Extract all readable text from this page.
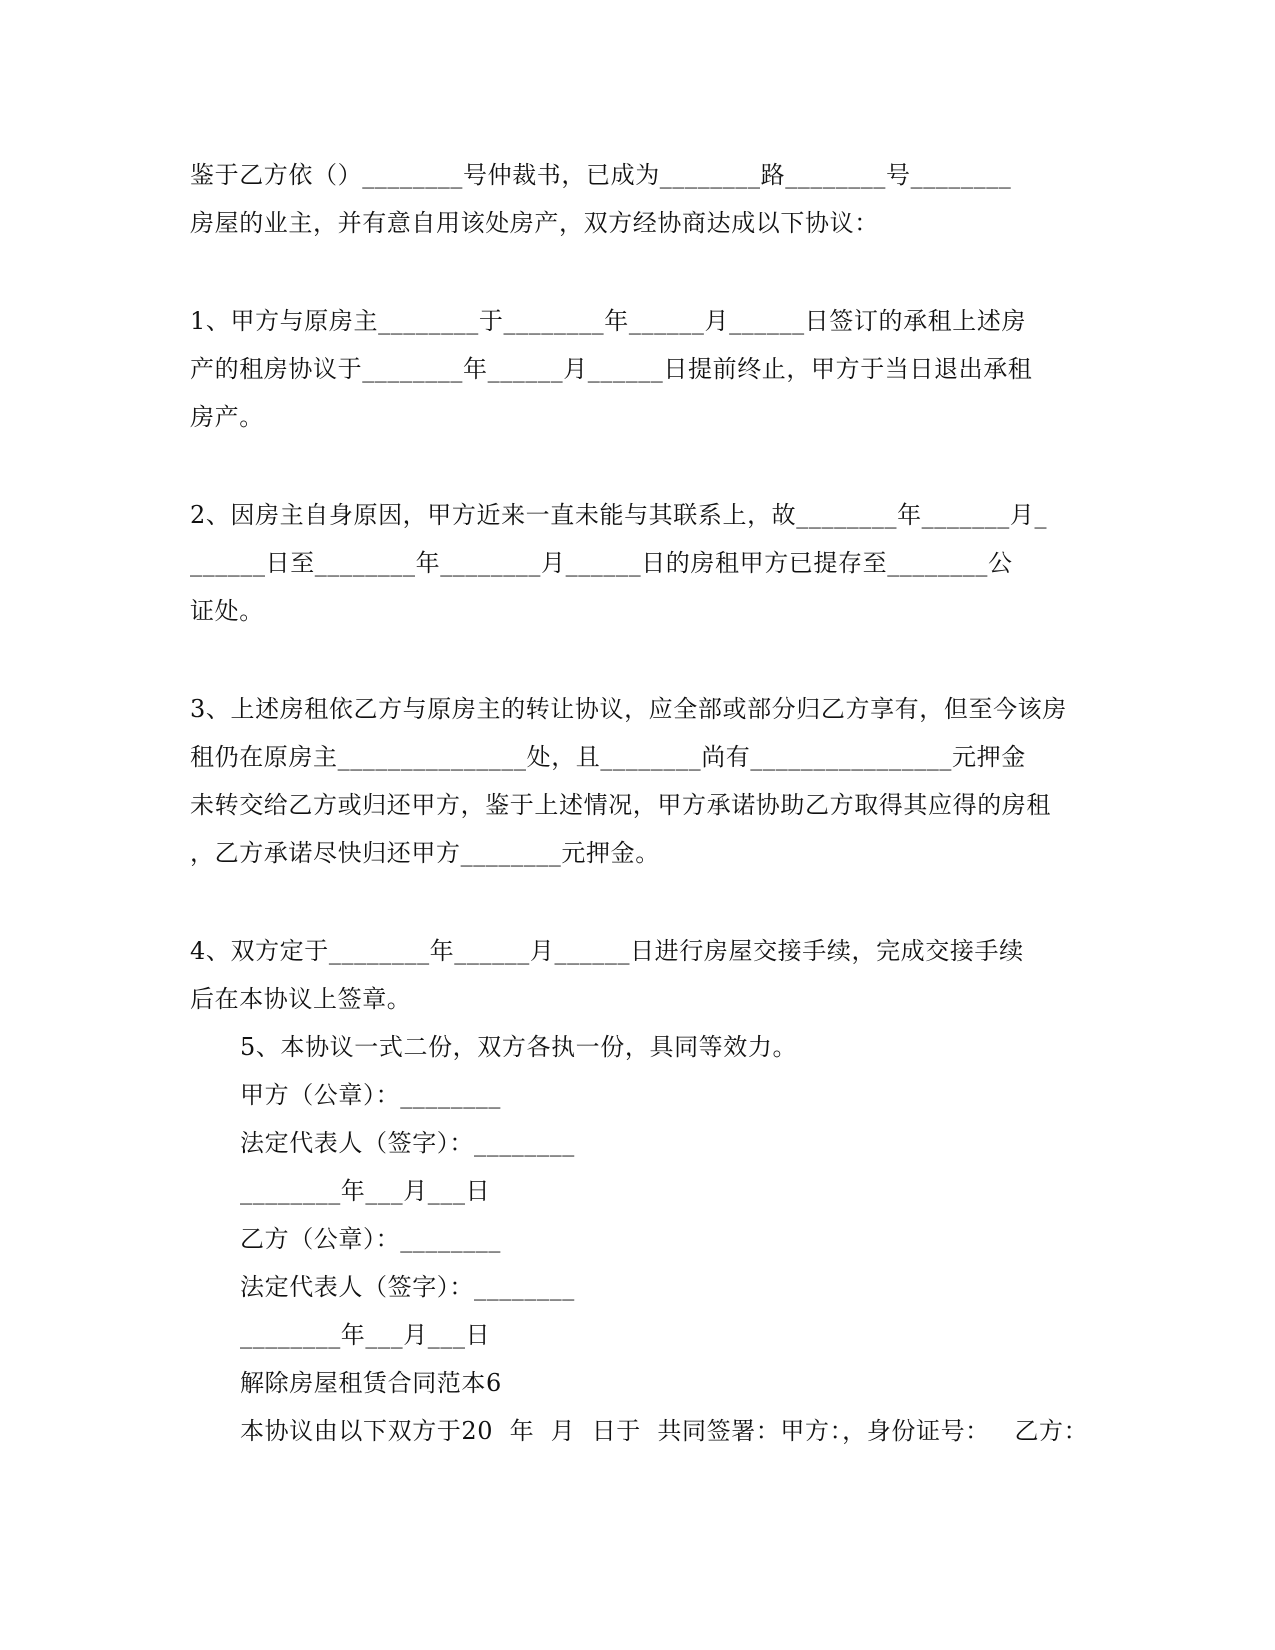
鉴于乙方依（）________号仲裁书，已成为________路________号________
房屋的业主，并有意自用该处房产，双方经协商达成以下协议：
1、甲方与原房主________于________年______月______日签订的承租上述房
产的租房协议于________年______月______日提前终止，甲方于当日退出承租
房产。
2、因房主自身原因，甲方近来一直未能与其联系上，故________年_______月_
______日至________年________月______日的房租甲方已提存至________公
证处。
3、上述房租依乙方与原房主的转让协议，应全部或部分归乙方享有，但至今该房
租仍在原房主_______________处，且________尚有________________元押金
未转交给乙方或归还甲方，鉴于上述情况，甲方承诺协助乙方取得其应得的房租
，乙方承诺尽快归还甲方________元押金。
4、双方定于________年______月______日进行房屋交接手续，完成交接手续
后在本协议上签章。
5、本协议一式二份，双方各执一份，具同等效力。
甲方（公章）：________
法定代表人（签字）：________
________年___月___日
乙方（公章）：________
法定代表人（签字）：________
________年___月___日
解除房屋租赁合同范本6
本协议由以下双方于20  年  月  日于  共同签署：甲方：，身份证号：   乙方：
